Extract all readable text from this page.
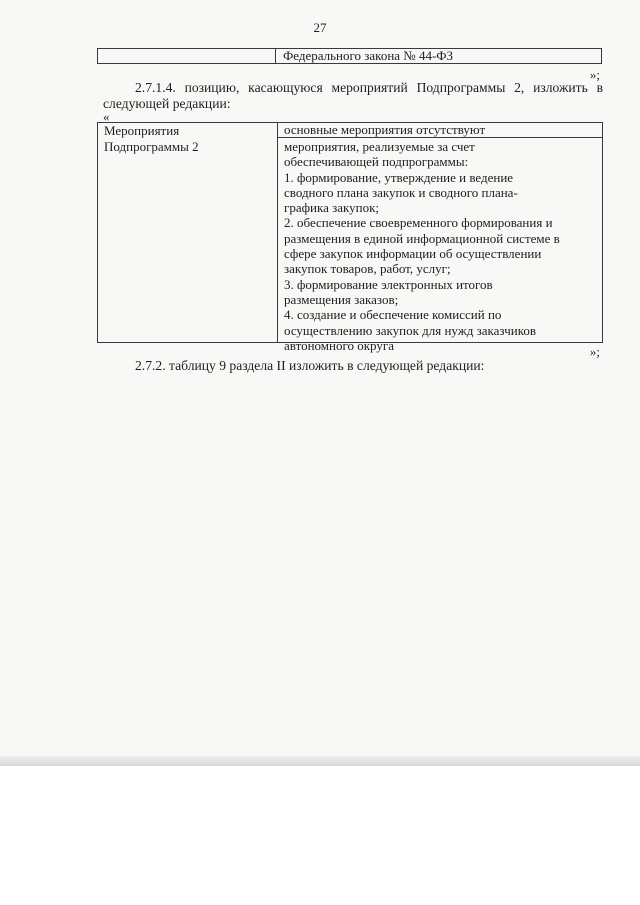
27
Федерального закона № 44-ФЗ
»;

2.7.1.4. позицию, касающуюся мероприятий Подпрограммы 2, изложить в следующей редакции:

«
Мероприятия
Подпрограммы 2
основные мероприятия отсутствуют
мероприятия, реализуемые за счет
обеспечивающей подпрограммы:
1. формирование, утверждение и ведение
сводного плана закупок и сводного плана-
графика закупок;
2. обеспечение своевременного формирования и
размещения в единой информационной системе в
сфере закупок информации об осуществлении
закупок товаров, работ, услуг;
3. формирование электронных итогов
размещения заказов;
4. создание и обеспечение комиссий по
осуществлению закупок для нужд заказчиков
автономного округа	»;

2.7.2. таблицу 9 раздела II изложить в следующей редакции:
